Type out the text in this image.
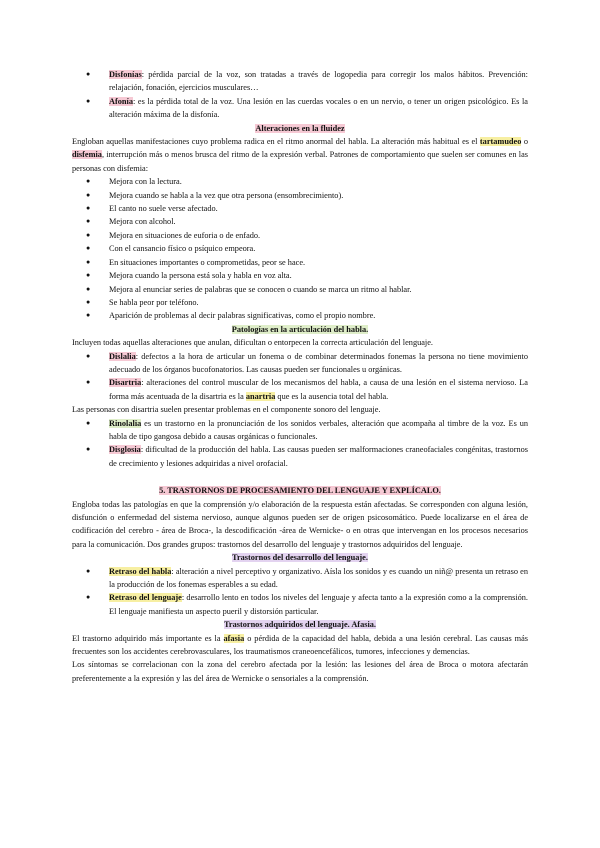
● Disfonías: pérdida parcial de la voz, son tratadas a través de logopedia para corregir los malos hábitos. Prevención: relajación, fonación, ejercicios musculares…
● Afonía: es la pérdida total de la voz. Una lesión en las cuerdas vocales o en un nervio, o tener un origen psicológico. Es la alteración máxima de la disfonía.

Alteraciones en la fluidez

Engloban aquellas manifestaciones cuyo problema radica en el ritmo anormal del habla. La alteración más habitual es el tartamudeo o disfemia, interrupción más o menos brusca del ritmo de la expresión verbal. Patrones de comportamiento que suelen ser comunes en las personas con disfemia:

● Mejora con la lectura.
● Mejora cuando se habla a la vez que otra persona (ensombrecimiento).
● El canto no suele verse afectado.
● Mejora con alcohol.
● Mejora en situaciones de euforia o de enfado.
● Con el cansancio físico o psíquico empeora.
● En situaciones importantes o comprometidas, peor se hace.
● Mejora cuando la persona está sola y habla en voz alta.
● Mejora al enunciar series de palabras que se conocen o cuando se marca un ritmo al hablar.
● Se habla peor por teléfono.
● Aparición de problemas al decir palabras significativas, como el propio nombre.

Patologías en la articulación del habla.

Incluyen todas aquellas alteraciones que anulan, dificultan o entorpecen la correcta articulación del lenguaje.

● Dislalia: defectos a la hora de articular un fonema o de combinar determinados fonemas la persona no tiene movimiento adecuado de los órganos bucofonatorios. Las causas pueden ser funcionales u orgánicas.
● Disartria: alteraciones del control muscular de los mecanismos del habla, a causa de una lesión en el sistema nervioso. La forma más acentuada de la disartria es la anartria que es la ausencia total del habla.

Las personas con disartria suelen presentar problemas en el componente sonoro del lenguaje.

● Rinolalia es un trastorno en la pronunciación de los sonidos verbales, alteración que acompaña al timbre de la voz. Es un habla de tipo gangosa debido a causas orgánicas o funcionales.
● Disglosia: dificultad de la producción del habla. Las causas pueden ser malformaciones craneofaciales congénitas, trastornos de crecimiento y lesiones adquiridas a nivel orofacial.

5. TRASTORNOS DE PROCESAMIENTO DEL LENGUAJE Y EXPLÍCALO.

Engloba todas las patologías en que la comprensión y/o elaboración de la respuesta están afectadas. Se corresponden con alguna lesión, disfunción o enfermedad del sistema nervioso, aunque algunos pueden ser de origen psicosomático. Puede localizarse en el área de codificación del cerebro - área de Broca-, la descodificación -área de Wernicke- o en otras que intervengan en los procesos necesarios para la comunicación. Dos grandes grupos: trastornos del desarrollo del lenguaje y trastornos adquiridos del lenguaje.

Trastornos del desarrollo del lenguaje.

● Retraso del habla: alteración a nivel perceptivo y organizativo. Aísla los sonidos y es cuando un niñ@ presenta un retraso en la producción de los fonemas esperables a su edad.
● Retraso del lenguaje: desarrollo lento en todos los niveles del lenguaje y afecta tanto a la expresión como a la comprensión. El lenguaje manifiesta un aspecto pueril y distorsión particular.

Trastornos adquiridos del lenguaje. Afasia.

El trastorno adquirido más importante es la afasia o pérdida de la capacidad del habla, debida a una lesión cerebral. Las causas más frecuentes son los accidentes cerebrovasculares, los traumatismos craneoencefálicos, tumores, infecciones y demencias.

Los síntomas se correlacionan con la zona del cerebro afectada por la lesión: las lesiones del área de Broca o motora afectarán preferentemente a la expresión y las del área de Wernicke o sensoriales a la comprensión.
